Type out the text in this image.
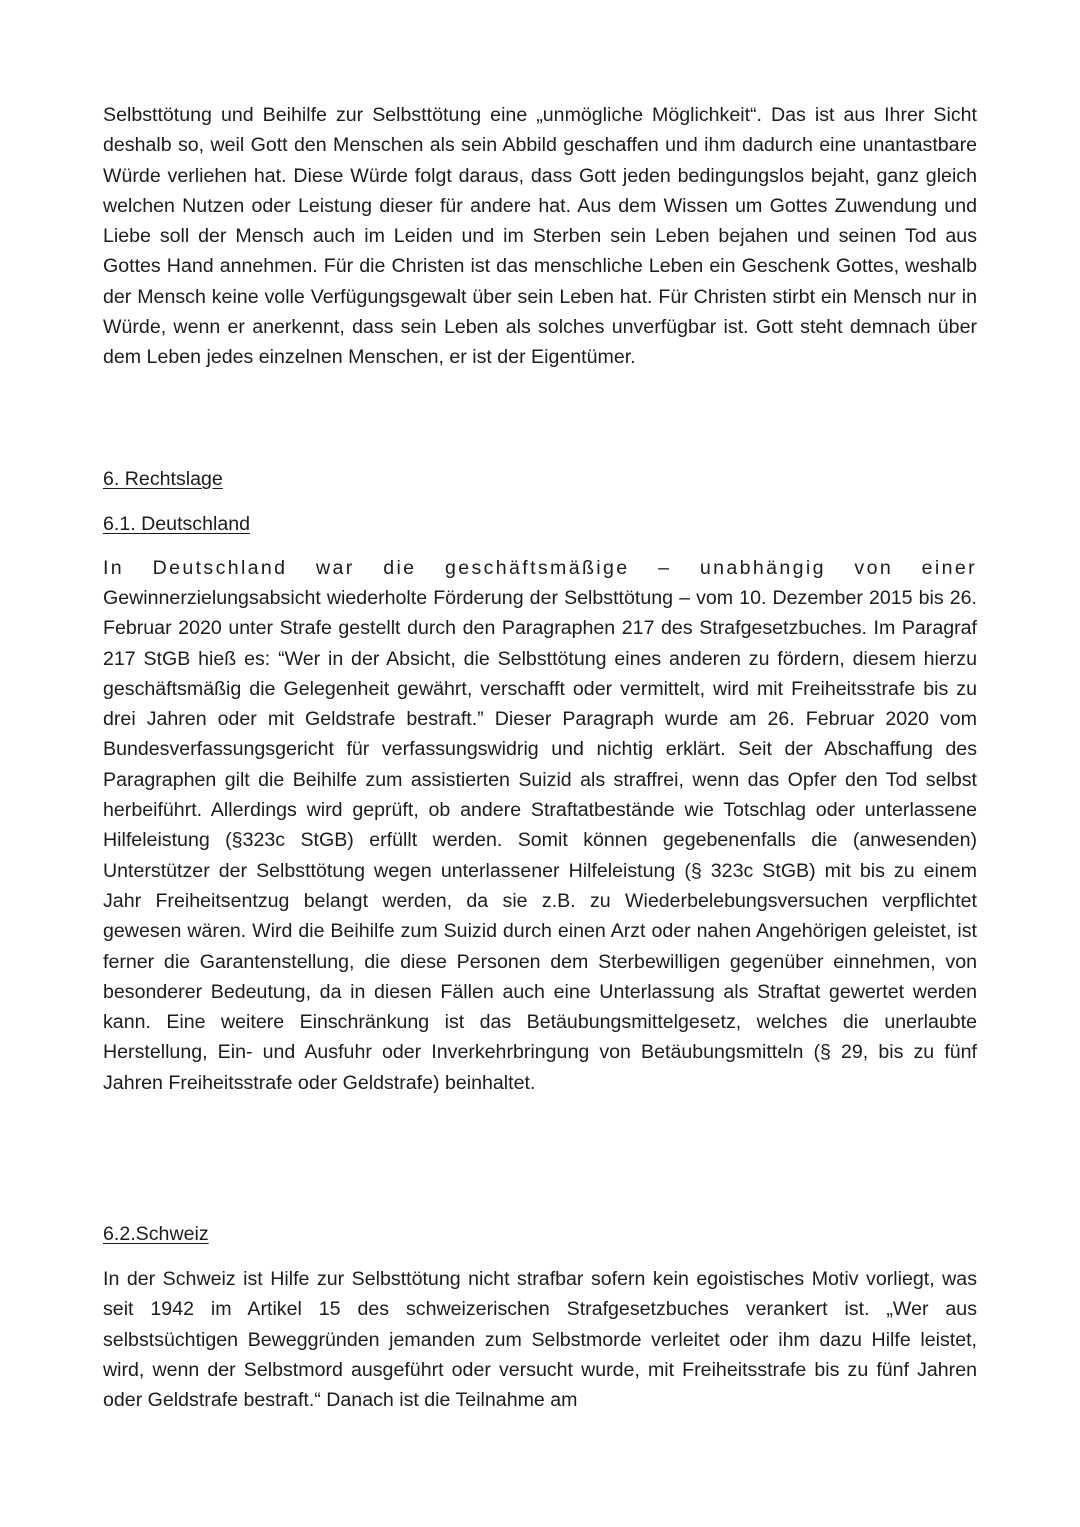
Selbsttötung und Beihilfe zur Selbsttötung eine „unmögliche Möglichkeit“. Das ist aus Ihrer Sicht deshalb so, weil Gott den Menschen als sein Abbild geschaffen und ihm dadurch eine unantastbare Würde verliehen hat. Diese Würde folgt daraus, dass Gott jeden bedingungslos bejaht, ganz gleich welchen Nutzen oder Leistung dieser für andere hat. Aus dem Wissen um Gottes Zuwendung und Liebe soll der Mensch auch im Leiden und im Sterben sein Leben bejahen und seinen Tod aus Gottes Hand annehmen. Für die Christen ist das menschliche Leben ein Geschenk Gottes, weshalb der Mensch keine volle Verfügungsgewalt über sein Leben hat. Für Christen stirbt ein Mensch nur in Würde, wenn er anerkennt, dass sein Leben als solches unverfügbar ist. Gott steht demnach über dem Leben jedes einzelnen Menschen, er ist der Eigentümer.

6. Rechtslage
6.1. Deutschland

In Deutschland war die geschäftsmäßige – unabhängig von einer

Gewinnerzielungsabsicht wiederholte Förderung der Selbsttötung – vom 10. Dezember 2015 bis 26. Februar 2020 unter Strafe gestellt durch den Paragraphen 217 des Strafgesetzbuches. Im Paragraf 217 StGB hieß es: “Wer in der Absicht, die Selbsttötung eines anderen zu fördern, diesem hierzu geschäftsmäßig die Gelegenheit gewährt, verschafft oder vermittelt, wird mit Freiheitsstrafe bis zu drei Jahren oder mit Geldstrafe bestraft.” Dieser Paragraph wurde am 26. Februar 2020 vom Bundesverfassungsgericht für verfassungswidrig und nichtig erklärt. Seit der Abschaffung des Paragraphen gilt die Beihilfe zum assistierten Suizid als straffrei, wenn das Opfer den Tod selbst herbeiführt. Allerdings wird geprüft, ob andere Straftatbestände wie Totschlag oder unterlassene Hilfeleistung (§323c StGB) erfüllt werden. Somit können gegebenenfalls die (anwesenden) Unterstützer der Selbsttötung wegen unterlassener Hilfeleistung (§ 323c StGB) mit bis zu einem Jahr Freiheitsentzug belangt werden, da sie z.B. zu Wiederbelebungsversuchen verpflichtet gewesen wären. Wird die Beihilfe zum Suizid durch einen Arzt oder nahen Angehörigen geleistet, ist ferner die Garantenstellung, die diese Personen dem Sterbewilligen gegenüber einnehmen, von besonderer Bedeutung, da in diesen Fällen auch eine Unterlassung als Straftat gewertet werden kann. Eine weitere Einschränkung ist das Betäubungsmittelgesetz, welches die unerlaubte Herstellung, Ein- und Ausfuhr oder Inverkehrbringung von Betäubungsmitteln (§ 29, bis zu fünf Jahren Freiheitsstrafe oder Geldstrafe) beinhaltet.

6.2.Schweiz

In der Schweiz ist Hilfe zur Selbsttötung nicht strafbar sofern kein egoistisches Motiv vorliegt, was seit 1942 im Artikel 15 des schweizerischen Strafgesetzbuches verankert ist. „Wer aus selbstsüchtigen Beweggründen jemanden zum Selbstmorde verleitet oder ihm dazu Hilfe leistet, wird, wenn der Selbstmord ausgeführt oder versucht wurde, mit Freiheitsstrafe bis zu fünf Jahren oder Geldstrafe bestraft.“ Danach ist die Teilnahme am
